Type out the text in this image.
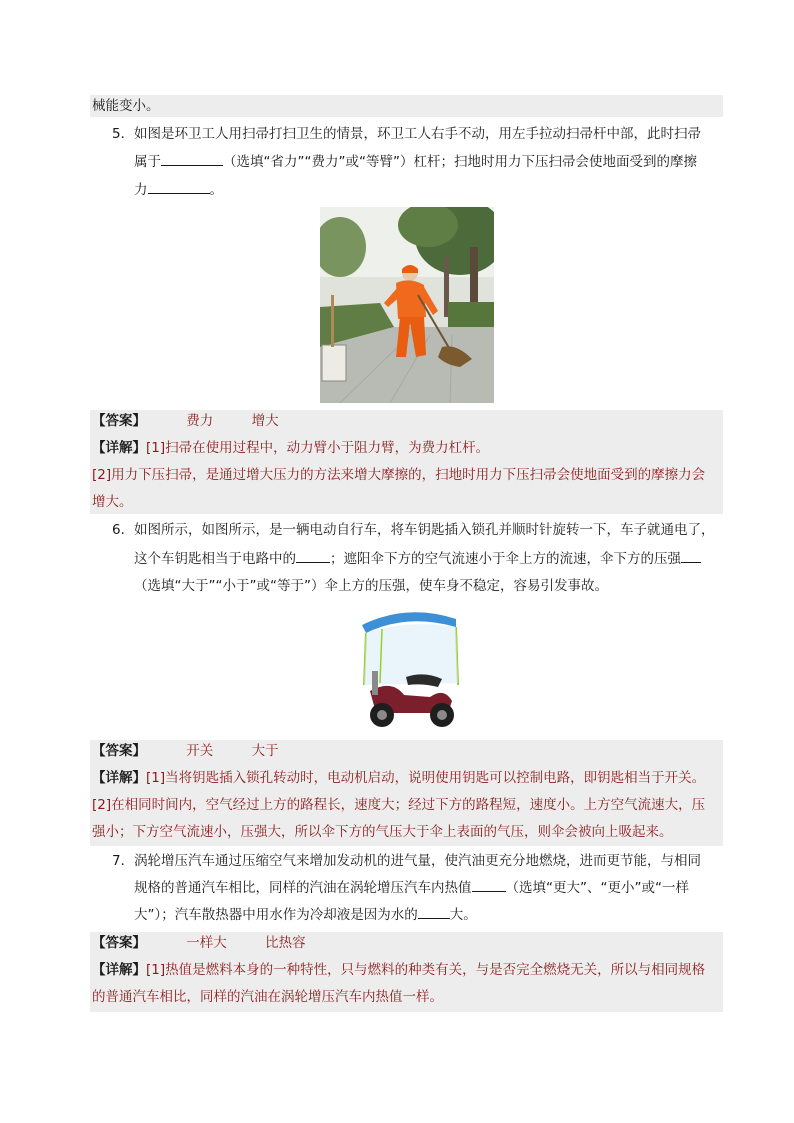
械能变小。
5． 如图是环卫工人用扫帚打扫卫生的情景，环卫工人右手不动，用左手拉动扫帚杆中部，此时扫帚
属于	（选填“省力”“费力”或“等臂”）杠杆；扫地时用力下压扫帚会使地面受到的摩擦
力	。
【答案】	费力	增大
【详解】[1]扫帚在使用过程中，动力臂小于阻力臂，为费力杠杆。
[2]用力下压扫帚，是通过增大压力的方法来增大摩擦的，扫地时用力下压扫帚会使地面受到的摩擦力会
增大。
6． 如图所示，如图所示，是一辆电动自行车，将车钥匙插入锁孔并顺时针旋转一下，车子就通电了，
这个车钥匙相当于电路中的	；遮阳伞下方的空气流速小于伞上方的流速，伞下方的压强
（选填“大于”“小于”或“等于”）伞上方的压强，使车身不稳定，容易引发事故。
【答案】	开关	大于
【详解】[1]当将钥匙插入锁孔转动时，电动机启动，说明使用钥匙可以控制电路，即钥匙相当于开关。
[2]在相同时间内，空气经过上方的路程长，速度大；经过下方的路程短，速度小。上方空气流速大，压
强小；下方空气流速小，压强大，所以伞下方的气压大于伞上表面的气压，则伞会被向上吸起来。
7． 涡轮增压汽车通过压缩空气来增加发动机的进气量，使汽油更充分地燃烧，进而更节能，与相同
规格的普通汽车相比，同样的汽油在涡轮增压汽车内热值	（选填“更大”、“更小”或“一样
大”）；汽车散热器中用水作为冷却液是因为水的 大。
【答案】	一样大	比热容
【详解】[1]热值是燃料本身的一种特性，只与燃料的种类有关，与是否完全燃烧无关，所以与相同规格
的普通汽车相比，同样的汽油在涡轮增压汽车内热值一样。
